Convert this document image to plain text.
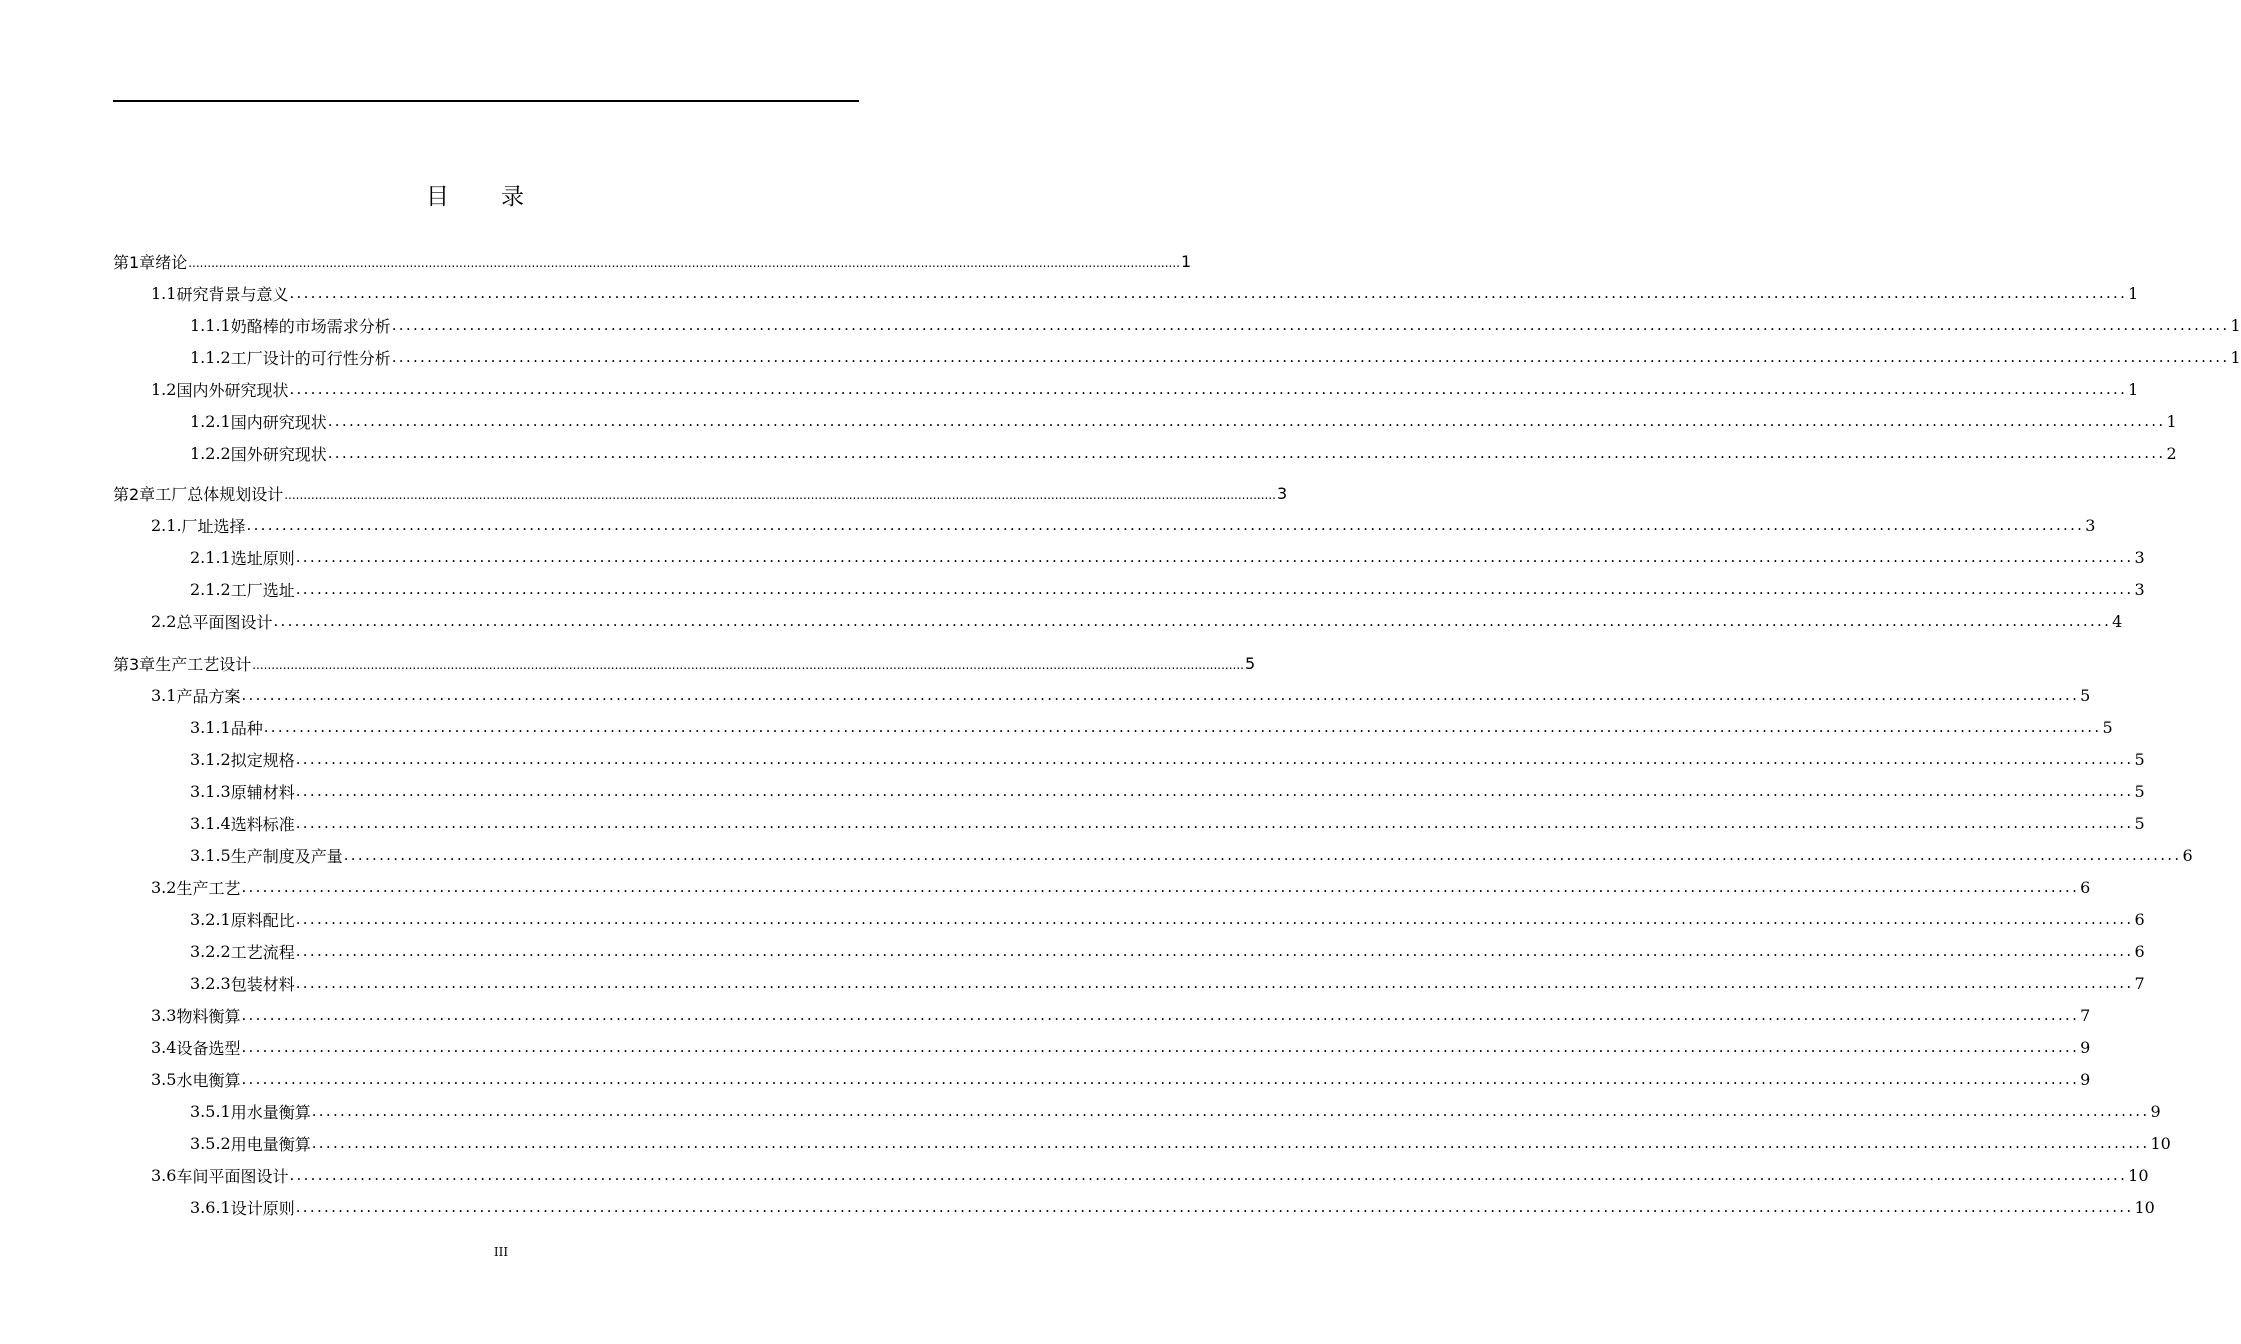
目 录
第1章 绪论 .................................................................................................................................................................................................................................................................... 1
1.1 研究背景与意义 .................................................................................................................................................................................................................................................................... 1
1.1.1 奶酪棒的市场需求分析 .................................................................................................................................................................................................................................................................... 1
1.1.2 工厂设计的可行性分析 .................................................................................................................................................................................................................................................................... 1
1.2 国内外研究现状 .................................................................................................................................................................................................................................................................... 1
1.2.1 国内研究现状 .................................................................................................................................................................................................................................................................... 1
1.2.2 国外研究现状 .................................................................................................................................................................................................................................................................... 2
第2章 工厂总体规划设计 .................................................................................................................................................................................................................................................................... 3
2.1. 厂址选择 .................................................................................................................................................................................................................................................................... 3
2.1.1 选址原则 .................................................................................................................................................................................................................................................................... 3
2.1.2 工厂选址 .................................................................................................................................................................................................................................................................... 3
2.2 总平面图设计 .................................................................................................................................................................................................................................................................... 4
第3章 生产工艺设计 .................................................................................................................................................................................................................................................................... 5
3.1 产品方案 .................................................................................................................................................................................................................................................................... 5
3.1.1 品种 .................................................................................................................................................................................................................................................................... 5
3.1.2 拟定规格 .................................................................................................................................................................................................................................................................... 5
3.1.3 原辅材料 .................................................................................................................................................................................................................................................................... 5
3.1.4 选料标准 .................................................................................................................................................................................................................................................................... 5
3.1.5 生产制度及产量 .................................................................................................................................................................................................................................................................... 6
3.2 生产工艺 .................................................................................................................................................................................................................................................................... 6
3.2.1 原料配比 .................................................................................................................................................................................................................................................................... 6
3.2.2 工艺流程 .................................................................................................................................................................................................................................................................... 6
3.2.3 包装材料 .................................................................................................................................................................................................................................................................... 7
3.3 物料衡算 .................................................................................................................................................................................................................................................................... 7
3.4 设备选型 .................................................................................................................................................................................................................................................................... 9
3.5 水电衡算 .................................................................................................................................................................................................................................................................... 9
3.5.1 用水量衡算 .................................................................................................................................................................................................................................................................... 9
3.5.2 用电量衡算 .................................................................................................................................................................................................................................................................... 10
3.6 车间平面图设计 .................................................................................................................................................................................................................................................................... 10
3.6.1 设计原则 .................................................................................................................................................................................................................................................................... 10
III
